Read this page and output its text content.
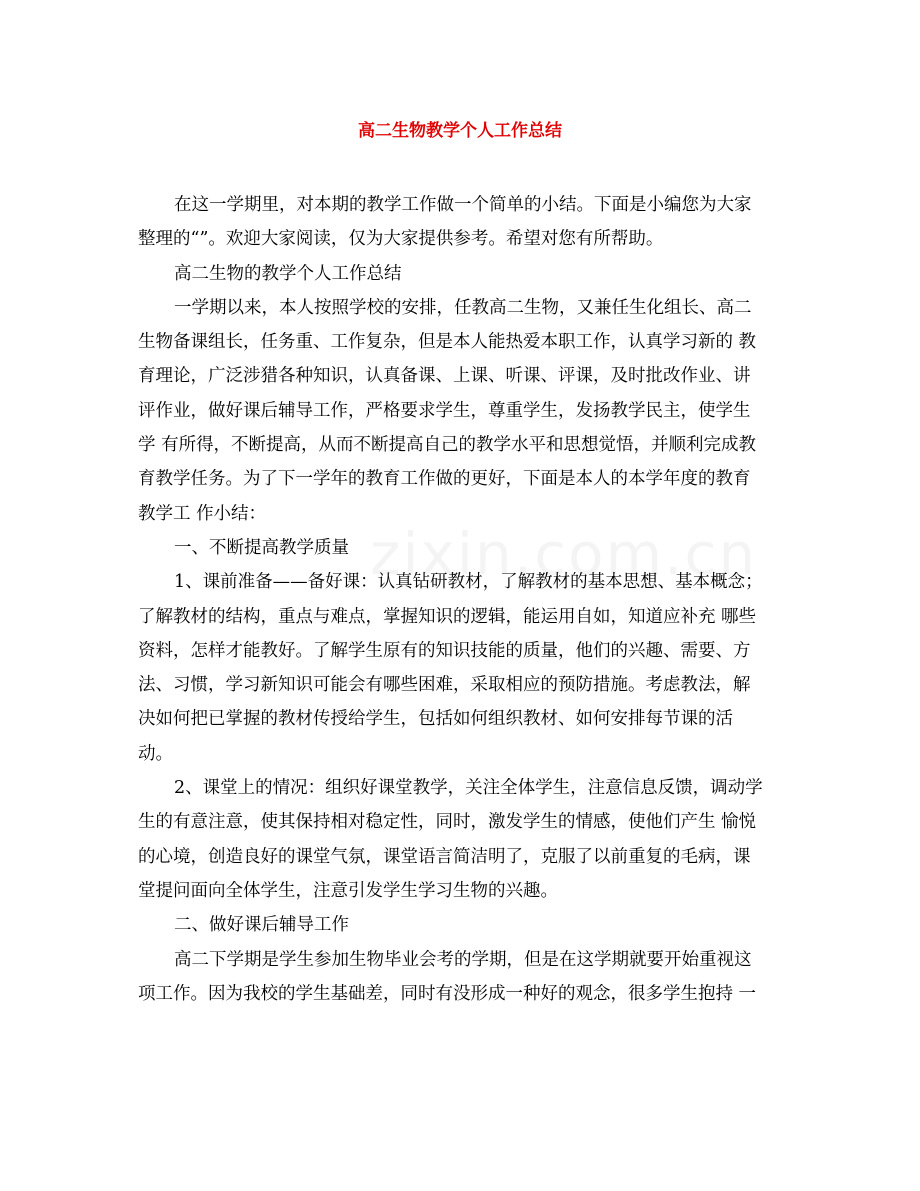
高二生物教学个人工作总结
在这一学期里，对本期的教学工作做一个简单的小结。下面是小编您为大家
整理的“”。欢迎大家阅读，仅为大家提供参考。希望对您有所帮助。
高二生物的教学个人工作总结
一学期以来，本人按照学校的安排，任教高二生物，又兼任生化组长、高二
生物备课组长，任务重、工作复杂，但是本人能热爱本职工作，认真学习新的 教
育理论，广泛涉猎各种知识，认真备课、上课、听课、评课，及时批改作业、讲
评作业，做好课后辅导工作，严格要求学生，尊重学生，发扬教学民主，使学生
学 有所得，不断提高，从而不断提高自己的教学水平和思想觉悟，并顺利完成教
育教学任务。为了下一学年的教育工作做的更好，下面是本人的本学年度的教育
教学工 作小结：
一、不断提高教学质量
1、课前准备——备好课：认真钻研教材，了解教材的基本思想、基本概念；
了解教材的结构，重点与难点，掌握知识的逻辑，能运用自如，知道应补充 哪些
资料，怎样才能教好。了解学生原有的知识技能的质量，他们的兴趣、需要、方
法、习惯，学习新知识可能会有哪些困难，采取相应的预防措施。考虑教法，解
决如何把已掌握的教材传授给学生，包括如何组织教材、如何安排每节课的活
动。
2、课堂上的情况：组织好课堂教学，关注全体学生，注意信息反馈，调动学
生的有意注意，使其保持相对稳定性，同时，激发学生的情感，使他们产生 愉悦
的心境，创造良好的课堂气氛，课堂语言简洁明了，克服了以前重复的毛病，课
堂提问面向全体学生，注意引发学生学习生物的兴趣。
二、做好课后辅导工作
高二下学期是学生参加生物毕业会考的学期，但是在这学期就要开始重视这
项工作。因为我校的学生基础差，同时有没形成一种好的观念，很多学生抱持 一
